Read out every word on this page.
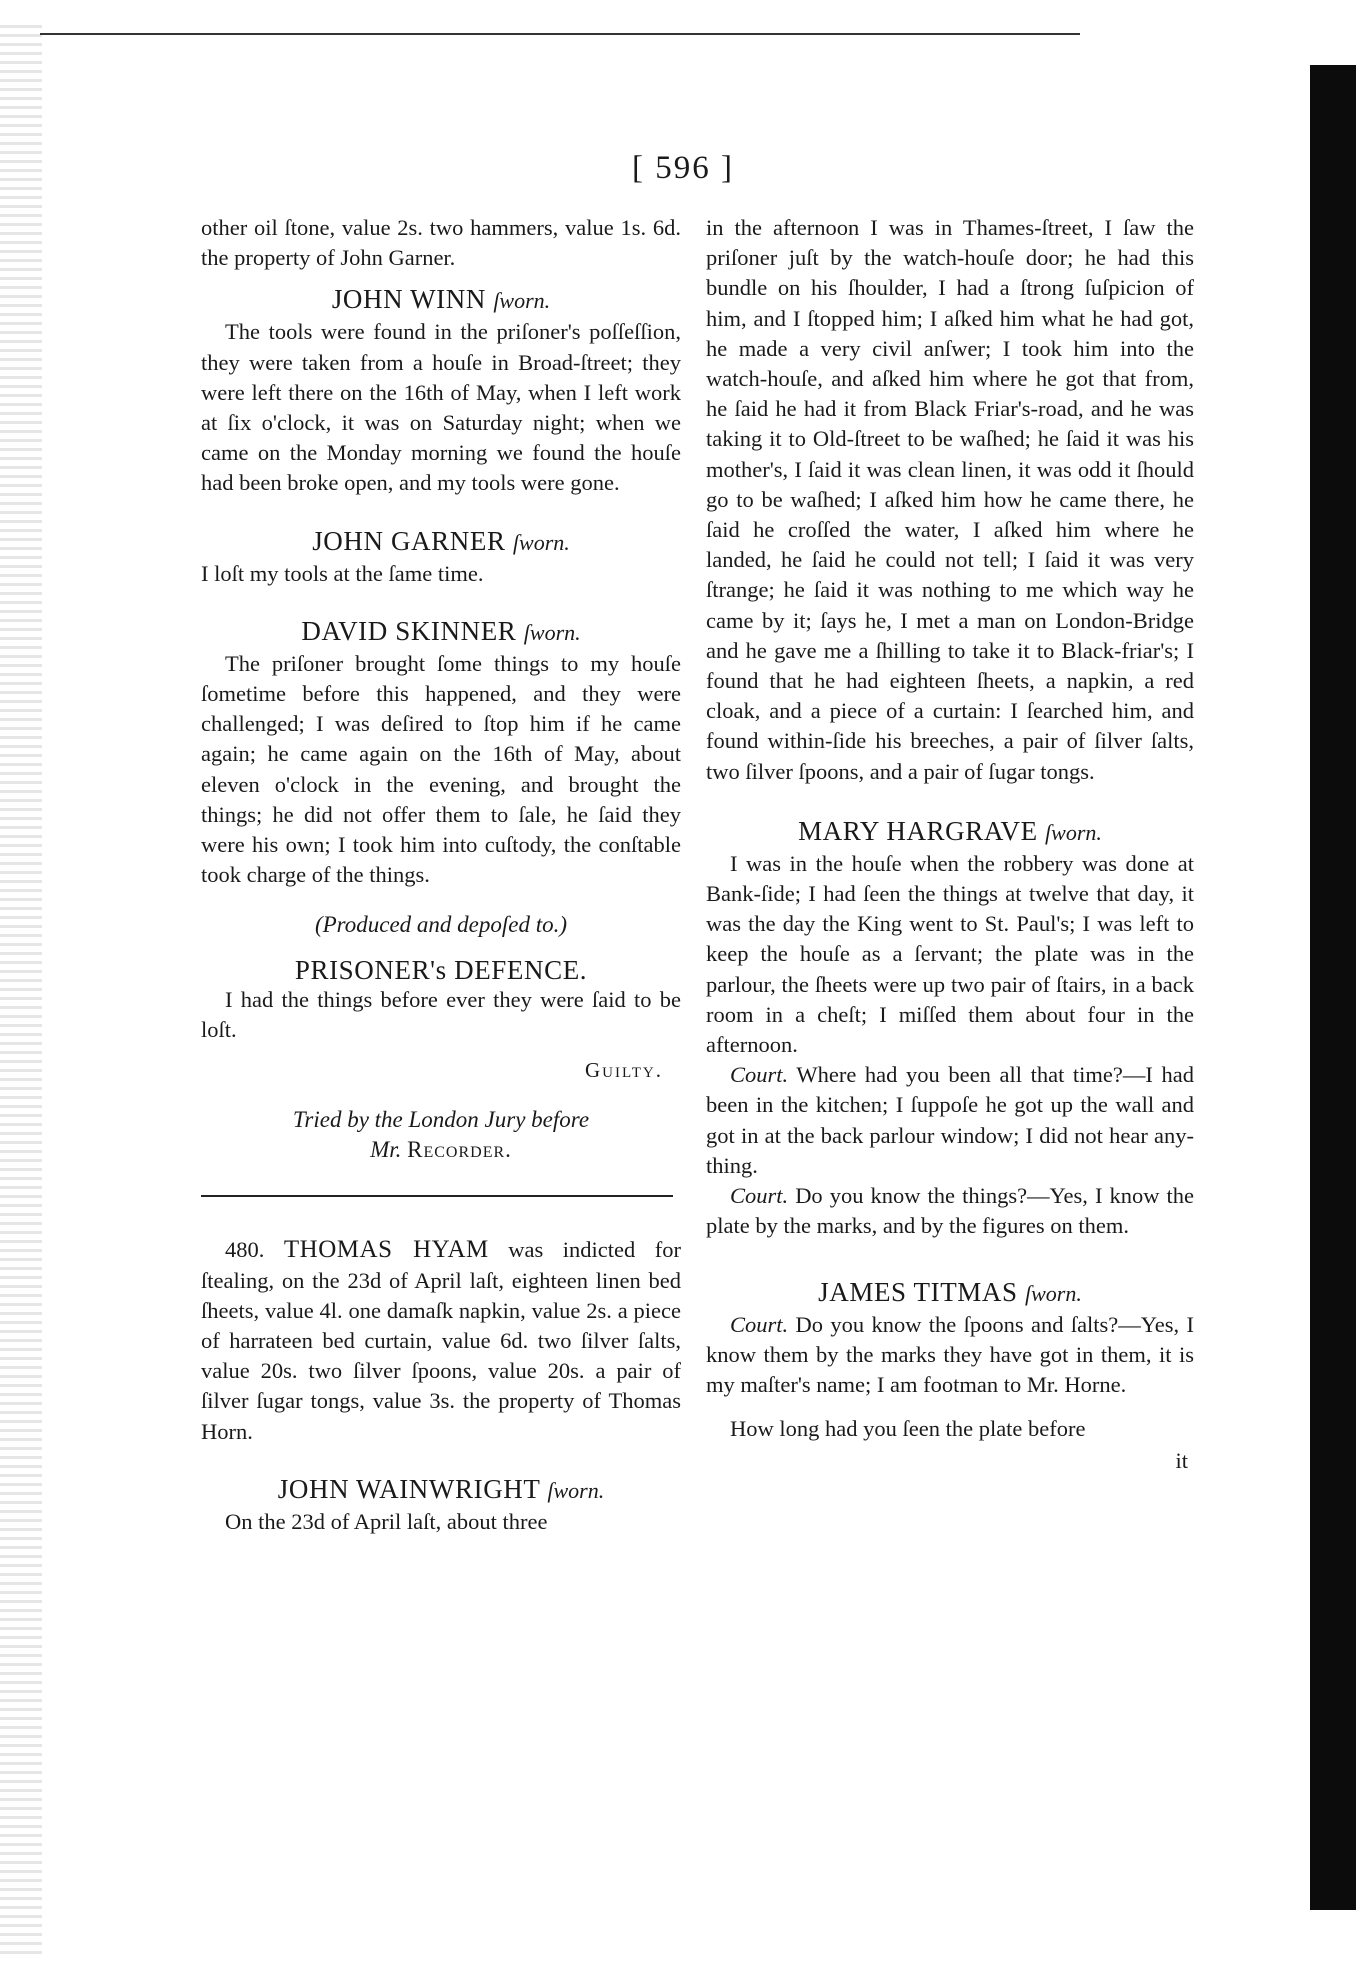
[ 596 ]

other oil ſtone, value 2s. two hammers, value 1s. 6d. the property of John Garner.

JOHN WINN ſworn.

The tools were found in the priſoner's poſſeſſion, they were taken from a houſe in Broad-ſtreet; they were left there on the 16th of May, when I left work at ſix o'clock, it was on Saturday night; when we came on the Monday morning we found the houſe had been broke open, and my tools were gone.

JOHN GARNER ſworn.

I loſt my tools at the ſame time.

DAVID SKINNER ſworn.

The priſoner brought ſome things to my houſe ſometime before this happened, and they were challenged; I was deſired to ſtop him if he came again; he came again on the 16th of May, about eleven o'clock in the evening, and brought the things; he did not offer them to ſale, he ſaid they were his own; I took him into cuſtody, the conſtable took charge of the things.

(Produced and depoſed to.)
PRISONER's DEFENCE.

I had the things before ever they were ſaid to be loſt.

Guilty.
Tried by the London Jury before
Mr. Recorder.

480. THOMAS HYAM was indicted for ſtealing, on the 23d of April laſt, eighteen linen bed ſheets, value 4l. one damaſk napkin, value 2s. a piece of harrateen bed curtain, value 6d. two ſilver ſalts, value 20s. two ſilver ſpoons, value 20s. a pair of ſilver ſugar tongs, value 3s. the property of Thomas Horn.

JOHN WAINWRIGHT ſworn.

On the 23d of April laſt, about three

in the afternoon I was in Thames-ſtreet, I ſaw the priſoner juſt by the watch-houſe door; he had this bundle on his ſhoulder, I had a ſtrong ſuſpicion of him, and I ſtopped him; I aſked him what he had got, he made a very civil anſwer; I took him into the watch-houſe, and aſked him where he got that from, he ſaid he had it from Black Friar's-road, and he was taking it to Old-ſtreet to be waſhed; he ſaid it was his mother's, I ſaid it was clean linen, it was odd it ſhould go to be waſhed; I aſked him how he came there, he ſaid he croſſed the water, I aſked him where he landed, he ſaid he could not tell; I ſaid it was very ſtrange; he ſaid it was nothing to me which way he came by it; ſays he, I met a man on London-Bridge and he gave me a ſhilling to take it to Black-friar's; I found that he had eighteen ſheets, a napkin, a red cloak, and a piece of a curtain: I ſearched him, and found within-ſide his breeches, a pair of ſilver ſalts, two ſilver ſpoons, and a pair of ſugar tongs.

MARY HARGRAVE ſworn.

I was in the houſe when the robbery was done at Bank-ſide; I had ſeen the things at twelve that day, it was the day the King went to St. Paul's; I was left to keep the houſe as a ſervant; the plate was in the parlour, the ſheets were up two pair of ſtairs, in a back room in a cheſt; I miſſed them about four in the afternoon.

Court. Where had you been all that time?—I had been in the kitchen; I ſuppoſe he got up the wall and got in at the back parlour window; I did not hear any-thing.

Court. Do you know the things?—Yes, I know the plate by the marks, and by the figures on them.

JAMES TITMAS ſworn.

Court. Do you know the ſpoons and ſalts?—Yes, I know them by the marks they have got in them, it is my maſter's name; I am footman to Mr. Horne.

How long had you ſeen the plate before

it
